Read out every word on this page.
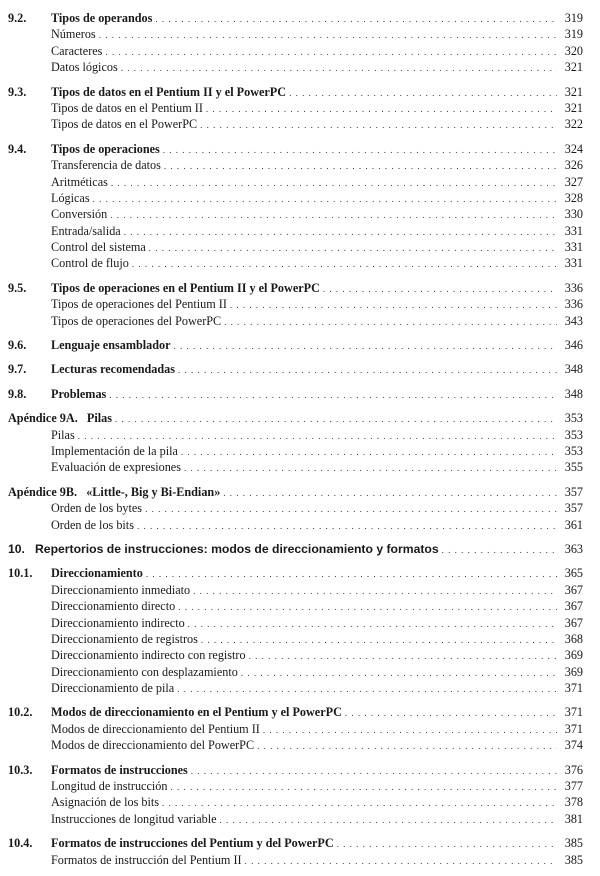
9.2.	Tipos de operandos . . .	319
Números . . .	319
Caracteres . . .	320
Datos lógicos . . .	321
9.3.	Tipos de datos en el Pentium II y el PowerPC . . .	321
Tipos de datos en el Pentium II . . .	321
Tipos de datos en el PowerPC . . .	322
9.4.	Tipos de operaciones . . .	324
Transferencia de datos . . .	326
Aritméticas . . .	327
Lógicas . . .	328
Conversión . . .	330
Entrada/salida . . .	331
Control del sistema . . .	331
Control de flujo . . .	331
9.5.	Tipos de operaciones en el Pentium II y el PowerPC . . .	336
Tipos de operaciones del Pentium II . . .	336
Tipos de operaciones del PowerPC . . .	343
9.6.	Lenguaje ensamblador . . .	346
9.7.	Lecturas recomendadas . . .	348
9.8.	Problemas . . .	348
Apéndice 9A.   Pilas . . .	353
Pilas . . .	353
Implementación de la pila . . .	353
Evaluación de expresiones . . .	355
Apéndice 9B.   «Little-, Big y Bi-Endian» . . .	357
Orden de los bytes . . .	357
Orden de los bits . . .	361
10. Repertorios de instrucciones: modos de direccionamiento y formatos . . .	363
10.1.	Direccionamiento . . .	365
Direccionamiento inmediato . . .	367
Direccionamiento directo . . .	367
Direccionamiento indirecto . . .	367
Direccionamiento de registros . . .	368
Direccionamiento indirecto con registro . . .	369
Direccionamiento con desplazamiento . . .	369
Direccionamiento de pila . . .	371
10.2.	Modos de direccionamiento en el Pentium y el PowerPC . . .	371
Modos de direccionamiento del Pentium II . . .	371
Modos de direccionamiento del PowerPC . . .	374
10.3.	Formatos de instrucciones . . .	376
Longitud de instrucción . . .	377
Asignación de los bits . . .	378
Instrucciones de longitud variable . . .	381
10.4.	Formatos de instrucciones del Pentium y del PowerPC . . .	385
Formatos de instrucción del Pentium II . . .	385
